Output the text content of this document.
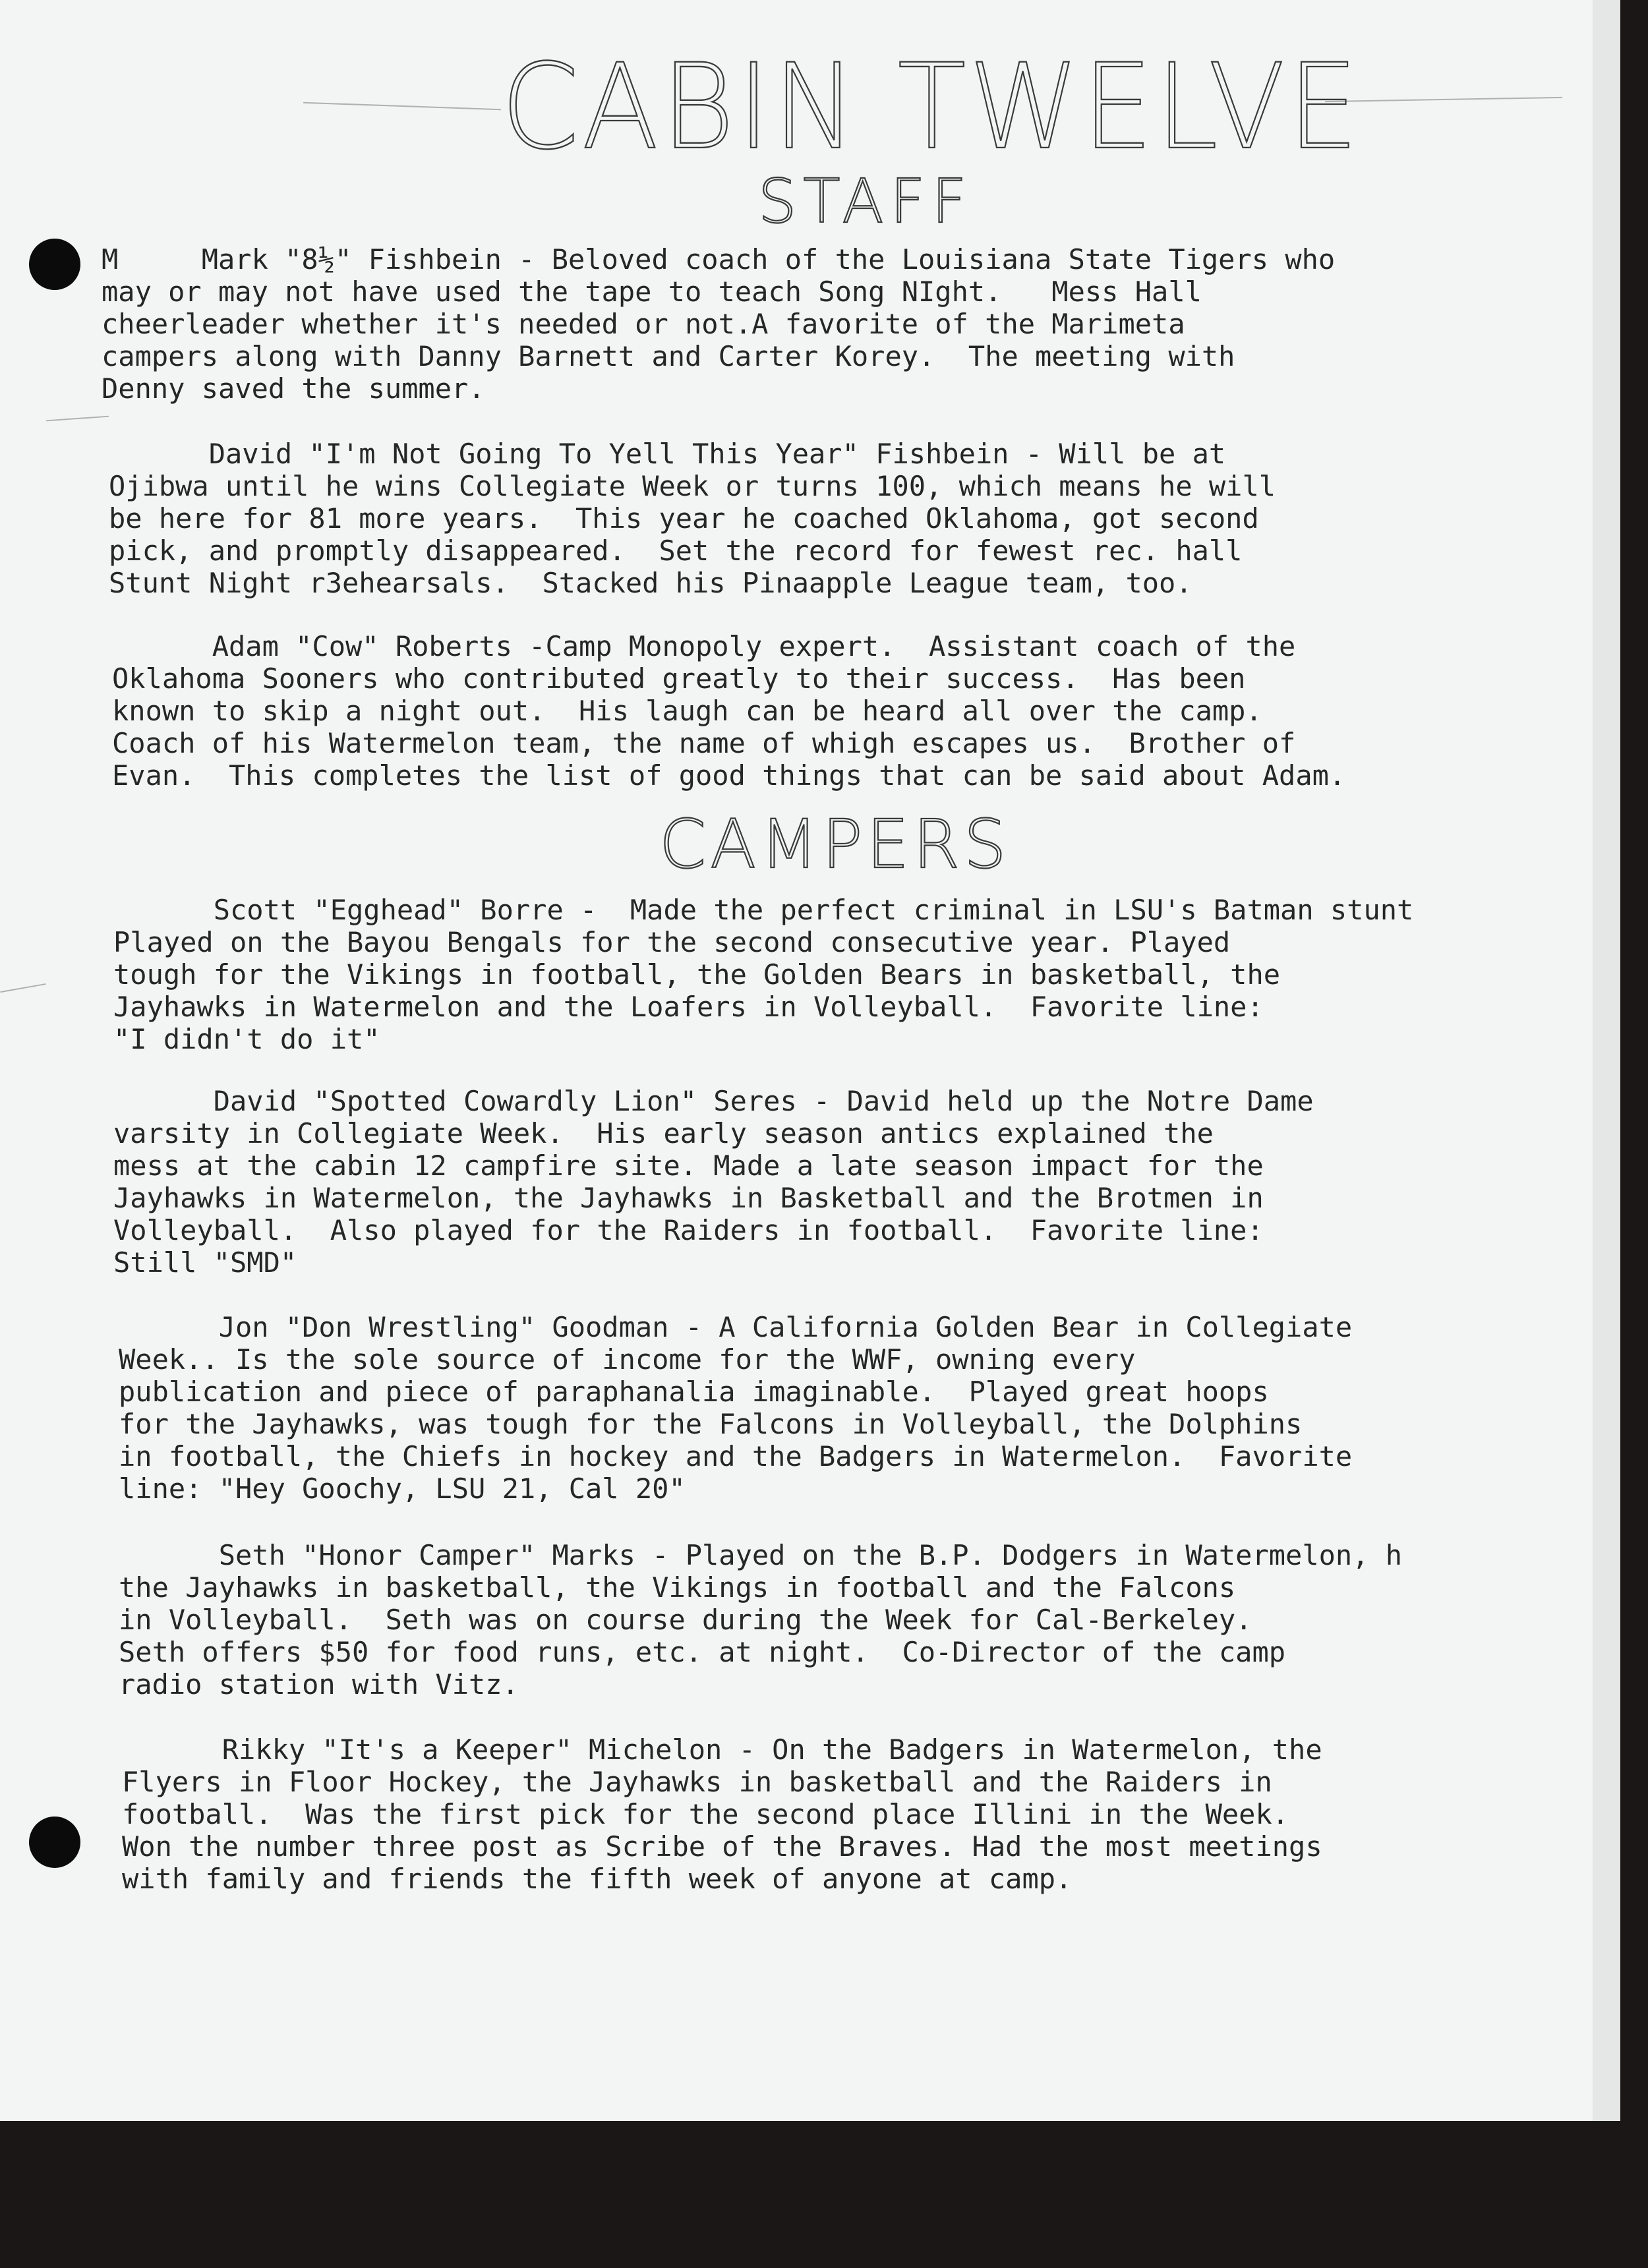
CABIN TWELVE
STAFF

M     Mark "8½" Fishbein - Beloved coach of the Louisiana State Tigers who
may or may not have used the tape to teach Song NIght.   Mess Hall
cheerleader whether it's needed or not.A favorite of the Marimeta
campers along with Danny Barnett and Carter Korey.  The meeting with
Denny saved the summer.

David "I'm Not Going To Yell This Year" Fishbein - Will be at
Ojibwa until he wins Collegiate Week or turns 100, which means he will
be here for 81 more years.  This year he coached Oklahoma, got second
pick, and promptly disappeared.  Set the record for fewest rec. hall
Stunt Night r3ehearsals.  Stacked his Pinaapple League team, too.

Adam "Cow" Roberts -Camp Monopoly expert.  Assistant coach of the
Oklahoma Sooners who contributed greatly to their success.  Has been
known to skip a night out.  His laugh can be heard all over the camp.
Coach of his Watermelon team, the name of whigh escapes us.  Brother of
Evan.  This completes the list of good things that can be said about Adam.

CAMPERS

Scott "Egghead" Borre -  Made the perfect criminal in LSU's Batman stunt
Played on the Bayou Bengals for the second consecutive year. Played
tough for the Vikings in football, the Golden Bears in basketball, the
Jayhawks in Watermelon and the Loafers in Volleyball.  Favorite line:
"I didn't do it"

David "Spotted Cowardly Lion" Seres - David held up the Notre Dame
varsity in Collegiate Week.  His early season antics explained the
mess at the cabin 12 campfire site. Made a late season impact for the
Jayhawks in Watermelon, the Jayhawks in Basketball and the Brotmen in
Volleyball.  Also played for the Raiders in football.  Favorite line:
Still "SMD"

Jon "Don Wrestling" Goodman - A California Golden Bear in Collegiate
Week.. Is the sole source of income for the WWF, owning every
publication and piece of paraphanalia imaginable.  Played great hoops
for the Jayhawks, was tough for the Falcons in Volleyball, the Dolphins
in football, the Chiefs in hockey and the Badgers in Watermelon.  Favorite
line: "Hey Goochy, LSU 21, Cal 20"

Seth "Honor Camper" Marks - Played on the B.P. Dodgers in Watermelon, h
the Jayhawks in basketball, the Vikings in football and the Falcons
in Volleyball.  Seth was on course during the Week for Cal-Berkeley.
Seth offers $50 for food runs, etc. at night.  Co-Director of the camp
radio station with Vitz.

Rikky "It's a Keeper" Michelon - On the Badgers in Watermelon, the
Flyers in Floor Hockey, the Jayhawks in basketball and the Raiders in
football.  Was the first pick for the second place Illini in the Week.
Won the number three post as Scribe of the Braves. Had the most meetings
with family and friends the fifth week of anyone at camp.
